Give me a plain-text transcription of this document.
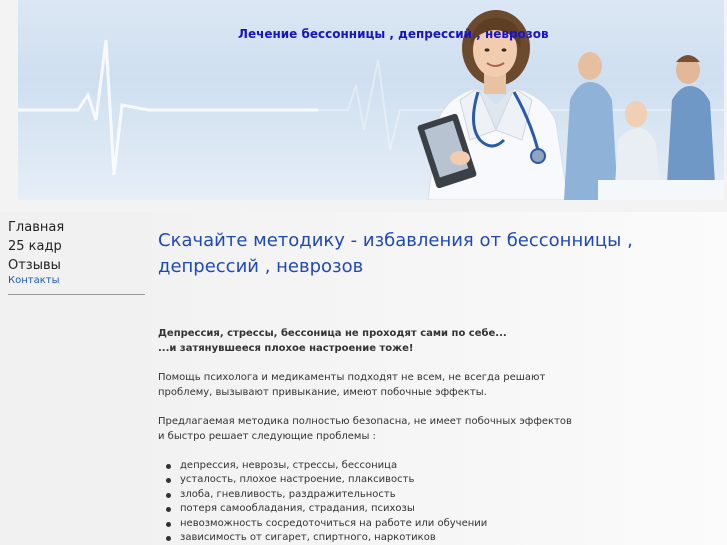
Лечение бессонницы , депрессий , неврозов
Главная
25 кадр
Отзывы
Контакты
Скачайте методику - избавления от бессонницы , депрессий , неврозов
Депрессия, стрессы, бессоница не проходят сами по себе...
...и затянувшееся плохое настроение тоже!
Помощь психолога и медикаменты подходят не всем, не всегда решают
проблему, вызывают привыкание, имеют побочные эффекты.
Предлагаемая методика полностью безопасна, не имеет побочных эффектов
и быстро решает следующие проблемы :
депрессия, неврозы, стрессы, бессоница
усталость, плохое настроение, плаксивость
злоба, гневливость, раздражительность
потеря самообладания, страдания, психозы
невозможность сосредоточиться на работе или обучении
зависимость от сигарет, спиртного, наркотиков
